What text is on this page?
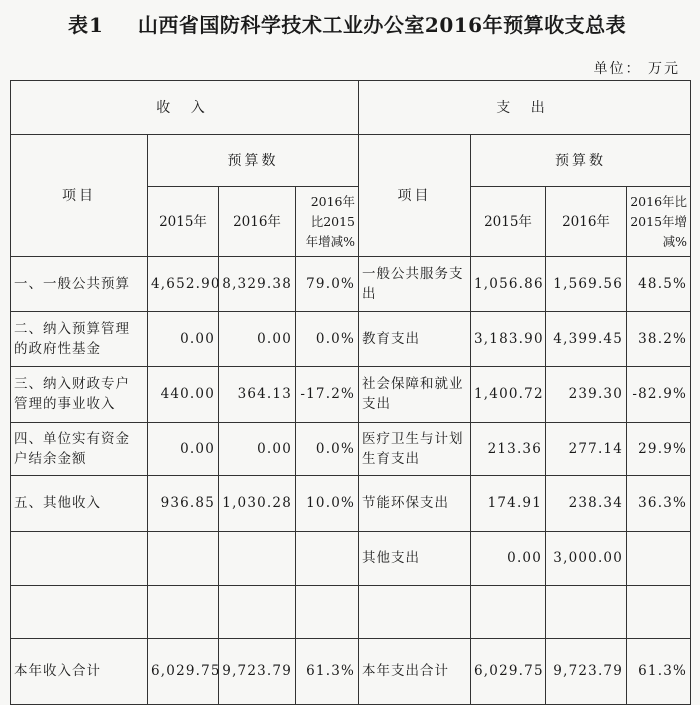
表1 山西省国防科学技术工业办公室2016年预算收支总表
单位： 万元
收 入				支 出			
项目	预算数			项目	预算数		
	2015年	2016年	2016年比2015年增减%		2015年	2016年	2016年比2015年增减%
一、一般公共预算	4,652.90	8,329.38	79.0%	一般公共服务支出	1,056.86	1,569.56	48.5%
二、纳入预算管理的政府性基金	0.00	0.00	0.0%	教育支出	3,183.90	4,399.45	38.2%
三、纳入财政专户管理的事业收入	440.00	364.13	-17.2%	社会保障和就业支出	1,400.72	239.30	-82.9%
四、单位实有资金户结余金额	0.00	0.00	0.0%	医疗卫生与计划生育支出	213.36	277.14	29.9%
五、其他收入	936.85	1,030.28	10.0%	节能环保支出	174.91	238.34	36.3%
				其他支出	0.00	3,000.00	

本年收入合计	6,029.75	9,723.79	61.3%	本年支出合计	6,029.75	9,723.79	61.3%
